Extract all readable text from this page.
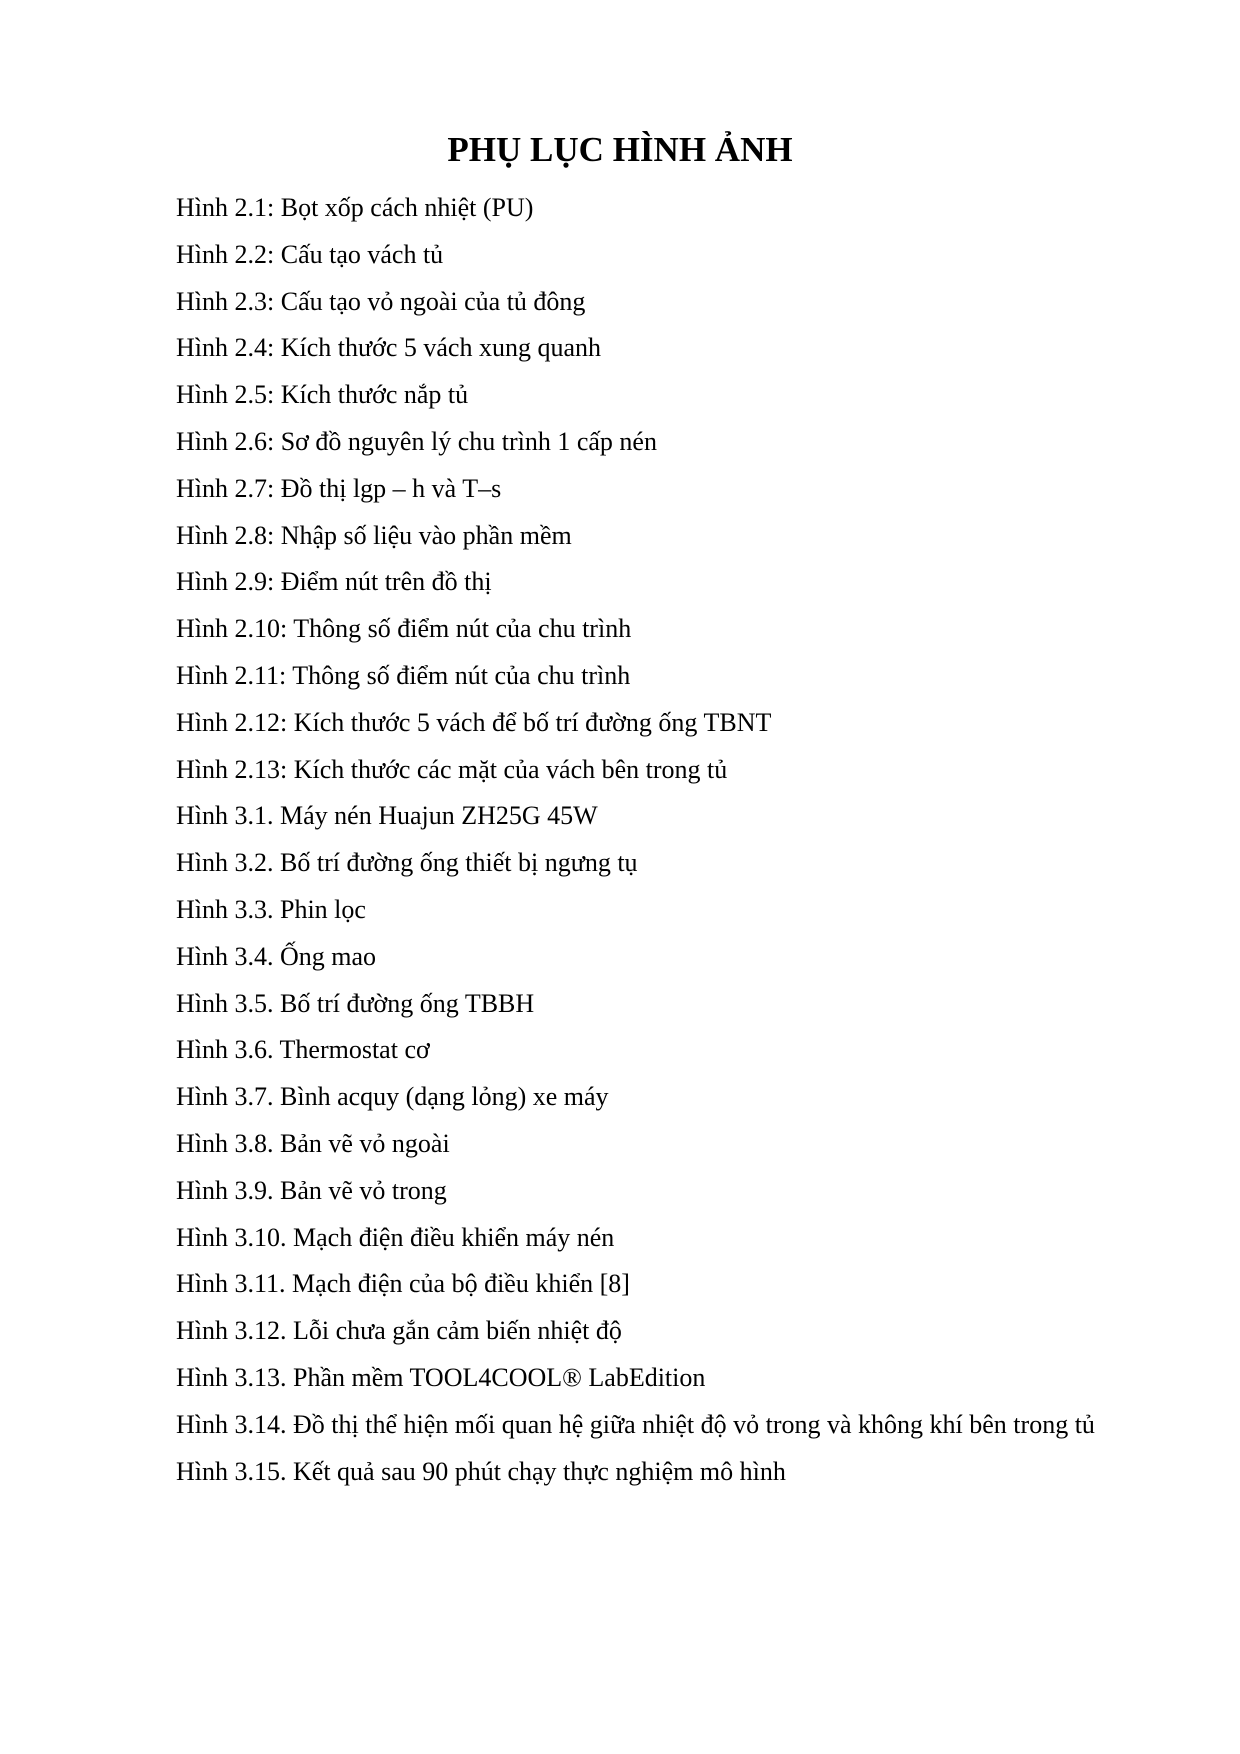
PHỤ LỤC HÌNH ẢNH
Hình 2.1: Bọt xốp cách nhiệt (PU)
Hình 2.2: Cấu tạo vách tủ
Hình 2.3: Cấu tạo vỏ ngoài của tủ đông
Hình 2.4: Kích thước 5 vách xung quanh
Hình 2.5: Kích thước nắp tủ
Hình 2.6: Sơ đồ nguyên lý chu trình 1 cấp nén
Hình 2.7: Đồ thị lgp – h và T–s
Hình 2.8: Nhập số liệu vào phần mềm
Hình 2.9: Điểm nút trên đồ thị
Hình 2.10: Thông số điểm nút của chu trình
Hình 2.11: Thông số điểm nút của chu trình
Hình 2.12: Kích thước 5 vách để bố trí đường ống TBNT
Hình 2.13: Kích thước các mặt của vách bên trong tủ
Hình 3.1. Máy nén Huajun ZH25G 45W
Hình 3.2. Bố trí đường ống thiết bị ngưng tụ
Hình 3.3. Phin lọc
Hình 3.4. Ống mao
Hình 3.5. Bố trí đường ống TBBH
Hình 3.6. Thermostat cơ
Hình 3.7. Bình acquy (dạng lỏng) xe máy
Hình 3.8. Bản vẽ vỏ ngoài
Hình 3.9. Bản vẽ vỏ trong
Hình 3.10. Mạch điện điều khiển máy nén
Hình 3.11. Mạch điện của bộ điều khiển [8]
Hình 3.12. Lỗi chưa gắn cảm biến nhiệt độ
Hình 3.13. Phần mềm TOOL4COOL® LabEdition
Hình 3.14. Đồ thị thể hiện mối quan hệ giữa nhiệt độ vỏ trong và không khí bên trong tủ
Hình 3.15. Kết quả sau 90 phút chạy thực nghiệm mô hình
